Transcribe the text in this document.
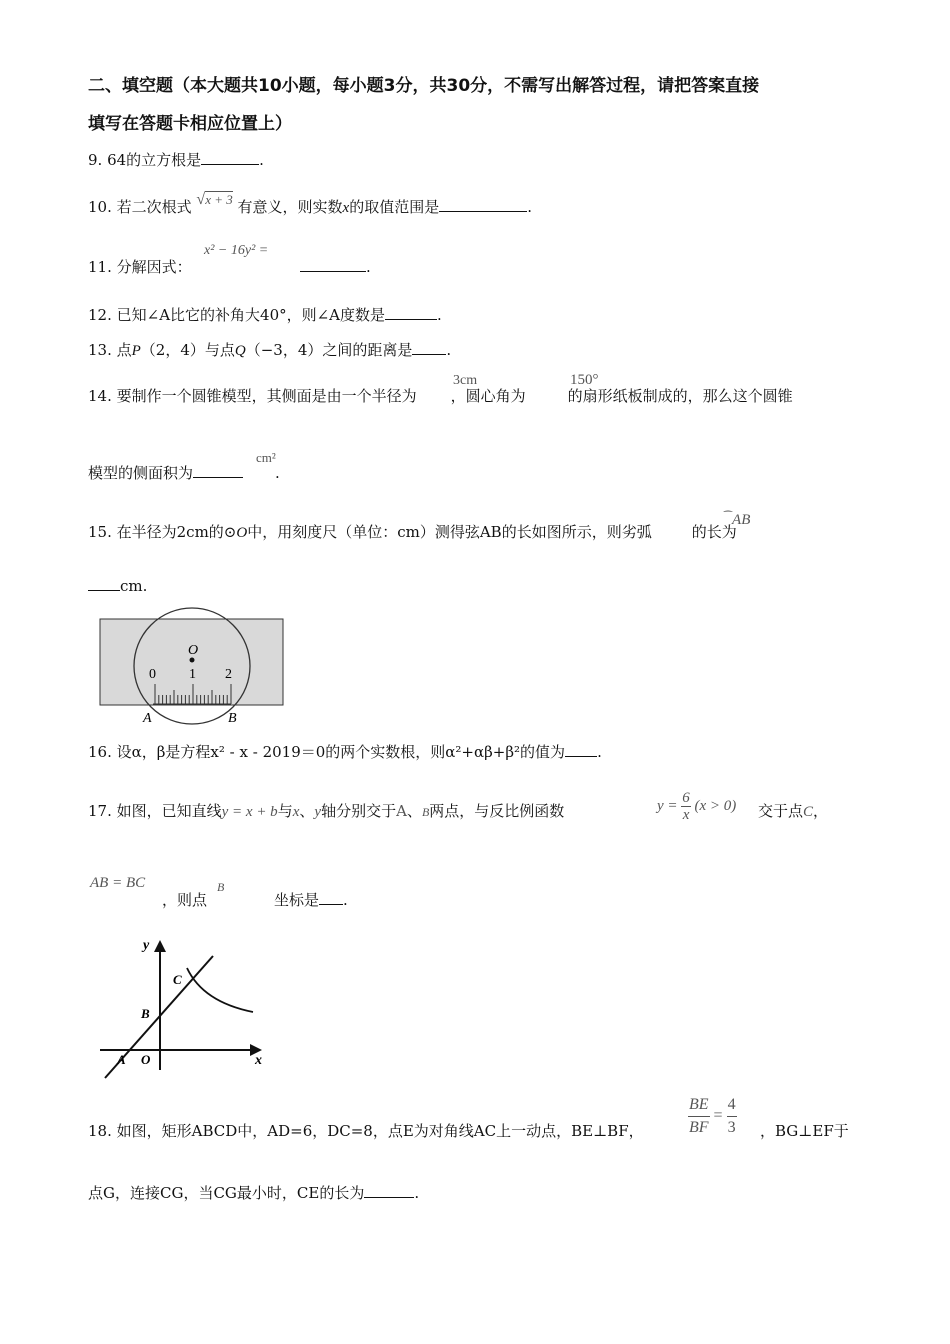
二、填空题（本大题共10小题，每小题3分，共30分，不需写出解答过程，请把答案直接
填写在答题卡相应位置上）
9. 64的立方根是	.
10. 若二次根式 √x + 3 有意义，则实数x的取值范围是	.
11. 分解因式：
x² − 16y² =
.
12. 已知∠A比它的补角大40°，则∠A度数是	.
13. 点P（2，4）与点Q（−3，4）之间的距离是 .
14. 要制作一个圆锥模型，其侧面是由一个半径为 ，圆心角为	的扇形纸板制成的，那么这个圆锥
3cm	150°
模型的侧面积为	.
cm²
15. 在半径为2cm的⊙O中，用刻度尺（单位：cm）测得弦AB的长如图所示，则劣弧	的长为
⁀AB
cm.
O
0 1 2
A	B
16. 设α，β是方程x² - x - 2019＝0的两个实数根，则α²+αβ+β²的值为 .
17. 如图，已知直线y = x + b与x、y轴分别交于A、B两点，与反比例函数	$y = \frac{6}{x} (x > 0)$ 交于点C，
AB = BC
，则点
B
坐标是 .
y
x
A O
B
C
18. 如图，矩形ABCD中，AD=6，DC=8，点E为对角线AC上一动点，BE⊥BF，	$\frac{BE}{BF} = \frac{4}{3}$ ，BG⊥EF于
点G，连接CG，当CG最小时，CE的长为	.
